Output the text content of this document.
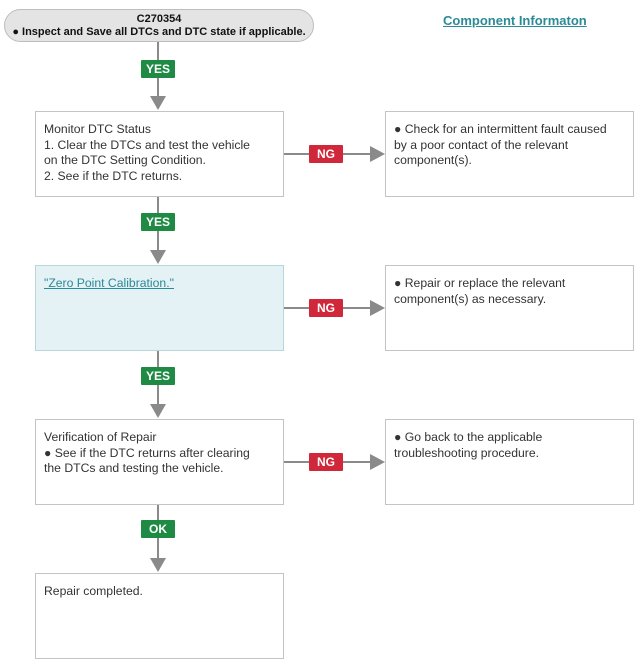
C270354
● Inspect and Save all DTCs and DTC state if applicable.
Component Informaton
Monitor DTC Status
1. Clear the DTCs and test the vehicle
on the DTC Setting Condition.
2. See if the DTC returns.
"Zero Point Calibration."
Verification of Repair
● See if the DTC returns after clearing
the DTCs and testing the vehicle.
Repair completed.
● Check for an intermittent fault caused
by a poor contact of the relevant
component(s).
● Repair or replace the relevant
component(s) as necessary.
● Go back to the applicable
troubleshooting procedure.
YES
YES
YES
OK
NG
NG
NG
